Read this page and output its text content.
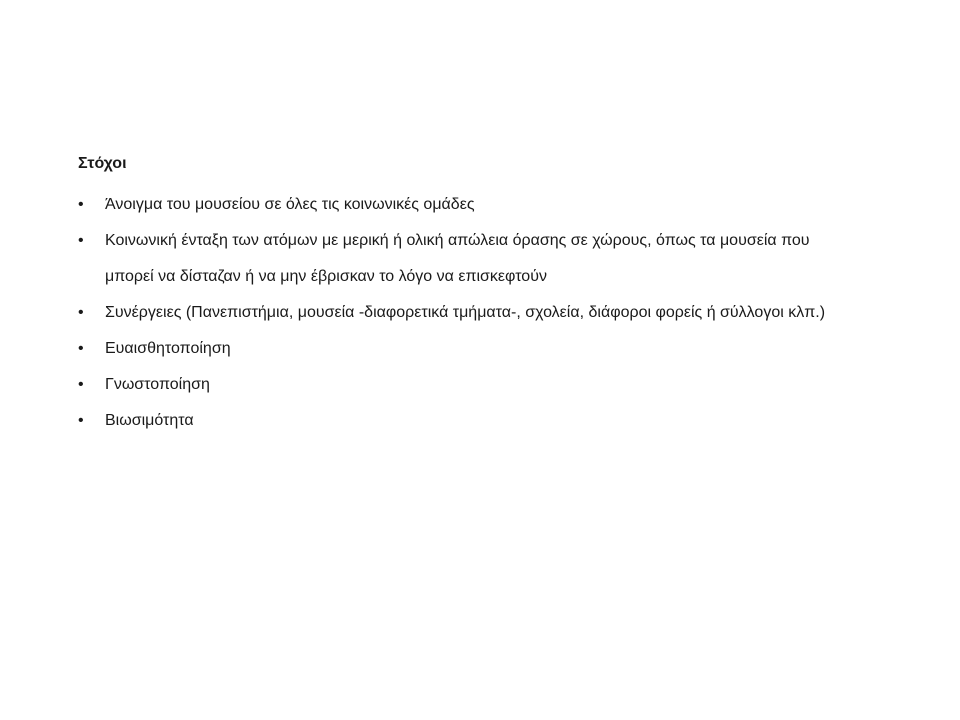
Στόχοι
• Άνοιγμα του μουσείου σε όλες τις κοινωνικές ομάδες
• Κοινωνική ένταξη των ατόμων με μερική ή ολική απώλεια όρασης σε χώρους, όπως τα μουσεία που μπορεί να δίσταζαν ή να μην έβρισκαν το λόγο να επισκεφτούν
• Συνέργειες (Πανεπιστήμια, μουσεία -διαφορετικά τμήματα-, σχολεία, διάφοροι φορείς ή σύλλογοι κλπ.)
• Ευαισθητοποίηση
• Γνωστοποίηση
• Βιωσιμότητα
